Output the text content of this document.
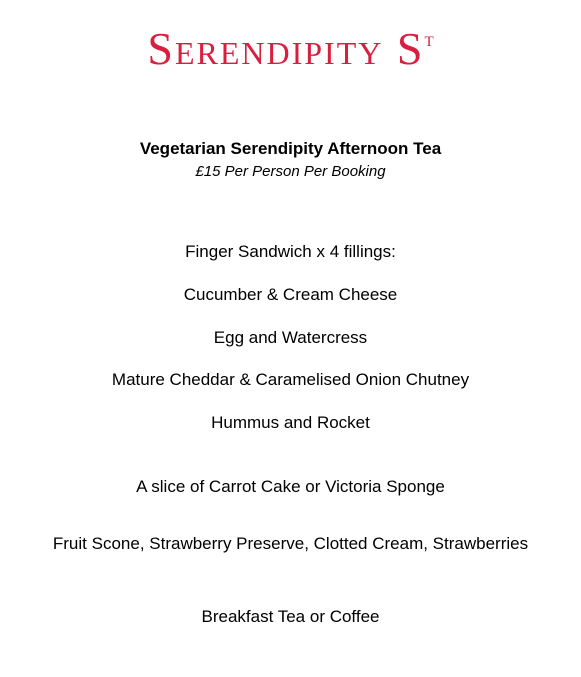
Serendipity $S^t$
Vegetarian Serendipity Afternoon Tea
£15 Per Person Per Booking
Finger Sandwich x 4 fillings:
Cucumber & Cream Cheese
Egg and Watercress
Mature Cheddar & Caramelised Onion Chutney
Hummus and Rocket
A slice of Carrot Cake or Victoria Sponge
Fruit Scone, Strawberry Preserve, Clotted Cream, Strawberries
Breakfast Tea or Coffee
